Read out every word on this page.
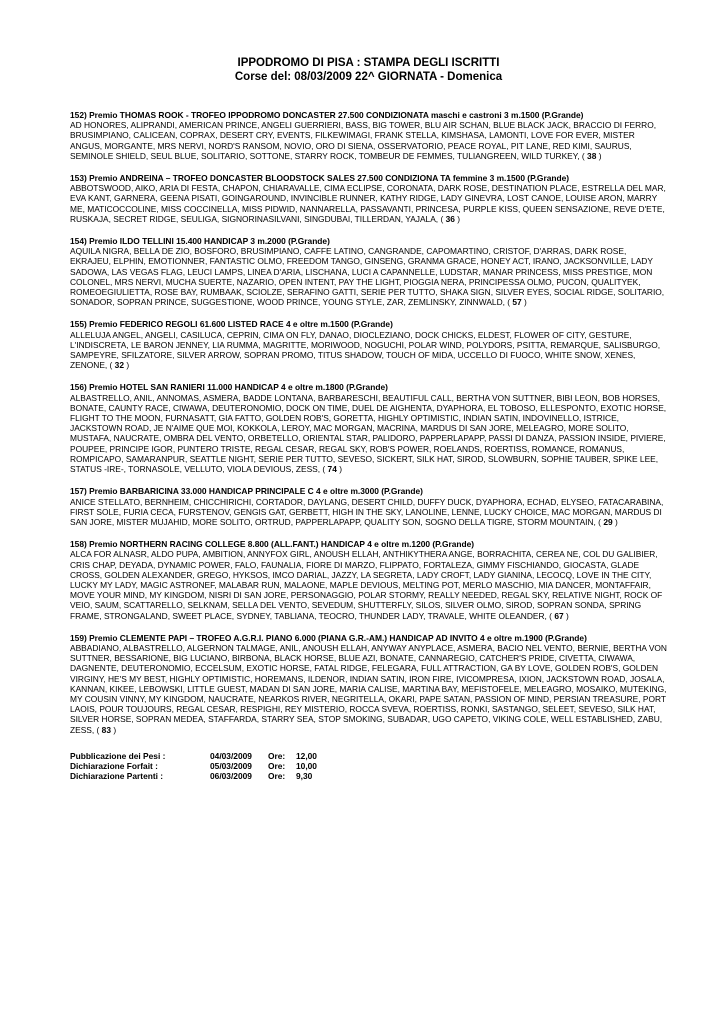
IPPODROMO DI PISA : STAMPA DEGLI ISCRITTI
Corse del: 08/03/2009 22^ GIORNATA - Domenica
152) Premio THOMAS ROOK - TROFEO IPPODROMO DONCASTER 27.500 CONDIZIONATA maschi e castroni 3 m.1500 (P.Grande)
AD HONORES, ALIPRANDI, AMERICAN PRINCE, ANGELI GUERRIERI, BASS, BIG TOWER, BLU AIR SCHAN, BLUE BLACK JACK, BRACCIO DI FERRO, BRUSIMPIANO, CALICEAN, COPRAX, DESERT CRY, EVENTS, FILKEWIMAGI, FRANK STELLA, KIMSHASA, LAMONTI, LOVE FOR EVER, MISTER ANGUS, MORGANTE, MRS NERVI, NORD'S RANSOM, NOVIO, ORO DI SIENA, OSSERVATORIO, PEACE ROYAL, PIT LANE, RED KIMI, SAURUS, SEMINOLE SHIELD, SEUL BLUE, SOLITARIO, SOTTONE, STARRY ROCK, TOMBEUR DE FEMMES, TULIANGREEN, WILD TURKEY, ( 38 )
153) Premio ANDREINA – TROFEO DONCASTER BLOODSTOCK SALES 27.500 CONDIZIONA TA femmine 3 m.1500 (P.Grande)
ABBOTSWOOD, AIKO, ARIA DI FESTA, CHAPON, CHIARAVALLE, CIMA ECLIPSE, CORONATA, DARK ROSE, DESTINATION PLACE, ESTRELLA DEL MAR, EVA KANT, GARNERA, GEENA PISATI, GOINGAROUND, INVINCIBLE RUNNER, KATHY RIDGE, LADY GINEVRA, LOST CANOE, LOUISE ARON, MARRY ME, MATICOCCOLINE, MISS COCCINELLA, MISS PIDWID, NANNARELLA, PASSAVANTI, PRINCESA, PURPLE KISS, QUEEN SENSAZIONE, REVE D'ETE, RUSKAJA, SECRET RIDGE, SEULIGA, SIGNORINASILVANI, SINGDUBAI, TILLERDAN, YAJALA, ( 36 )
154) Premio ILDO TELLINI 15.400 HANDICAP 3 m.2000 (P.Grande)
AQUILA NIGRA, BELLA DE ZIO, BOSFORO, BRUSIMPIANO, CAFFE LATINO, CANGRANDE, CAPOMARTINO, CRISTOF, D'ARRAS, DARK ROSE, EKRAJEU, ELPHIN, EMOTIONNER, FANTASTIC OLMO, FREEDOM TANGO, GINSENG, GRANMA GRACE, HONEY ACT, IRANO, JACKSONVILLE, LADY SADOWA, LAS VEGAS FLAG, LEUCI LAMPS, LINEA D'ARIA, LISCHANA, LUCI A CAPANNELLE, LUDSTAR, MANAR PRINCESS, MISS PRESTIGE, MON COLONEL, MRS NERVI, MUCHA SUERTE, NAZARIO, OPEN INTENT, PAY THE LIGHT, PIOGGIA NERA, PRINCIPESSA OLMO, PUCON, QUALITYEK, ROMEOEGIULIETTA, ROSE BAY, RUMBAAK, SCIOLZE, SERAFINO GATTI, SERIE PER TUTTO, SHAKA SIGN, SILVER EYES, SOCIAL RIDGE, SOLITARIO, SONADOR, SOPRAN PRINCE, SUGGESTIONE, WOOD PRINCE, YOUNG STYLE, ZAR, ZEMLINSKY, ZINNWALD, ( 57 )
155) Premio FEDERICO REGOLI 61.600 LISTED RACE 4 e oltre m.1500 (P.Grande)
ALLELUJA ANGEL, ANGELI, CASILUCA, CEPRIN, CIMA ON FLY, DANAO, DIOCLEZIANO, DOCK CHICKS, ELDEST, FLOWER OF CITY, GESTURE, L'INDISCRETA, LE BARON JENNEY, LIA RUMMA, MAGRITTE, MORIWOOD, NOGUCHI, POLAR WIND, POLYDORS, PSITTA, REMARQUE, SALISBURGO, SAMPEYRE, SFILZATORE, SILVER ARROW, SOPRAN PROMO, TITUS SHADOW, TOUCH OF MIDA, UCCELLO DI FUOCO, WHITE SNOW, XENES, ZENONE, ( 32 )
156) Premio HOTEL SAN RANIERI 11.000 HANDICAP 4 e oltre m.1800 (P.Grande)
ALBASTRELLO, ANIL, ANNOMAS, ASMERA, BADDE LONTANA, BARBARESCHI, BEAUTIFUL CALL, BERTHA VON SUTTNER, BIBI LEON, BOB HORSES, BONATE, CAUNTY RACE, CIWAWA, DEUTERONOMIO, DOCK ON TIME, DUEL DE AIGHENTA, DYAPHORA, EL TOBOSO, ELLESPONTO, EXOTIC HORSE, FLIGHT TO THE MOON, FURNASATT, GIA FATTO, GOLDEN ROB'S, GORETTA, HIGHLY OPTIMISTIC, INDIAN SATIN, INDOVINELLO, ISTRICE, JACKSTOWN ROAD, JE N'AIME QUE MOI, KOKKOLA, LEROY, MAC MORGAN, MACRINA, MARDUS DI SAN JORE, MELEAGRO, MORE SOLITO, MUSTAFA, NAUCRATE, OMBRA DEL VENTO, ORBETELLO, ORIENTAL STAR, PALIDORO, PAPPERLAPAPP, PASSI DI DANZA, PASSION INSIDE, PIVIERE, POUPEE, PRINCIPE IGOR, PUNTERO TRISTE, REGAL CESAR, REGAL SKY, ROB'S POWER, ROELANDS, ROERTISS, ROMANCE, ROMANUS, ROMPICAPO, SAMARANPUR, SEATTLE NIGHT, SERIE PER TUTTO, SEVESO, SICKERT, SILK HAT, SIROD, SLOWBURN, SOPHIE TAUBER, SPIKE LEE, STATUS -IRE-, TORNASOLE, VELLUTO, VIOLA DEVIOUS, ZESS, ( 74 )
157) Premio BARBARICINA 33.000 HANDICAP PRINCIPALE C 4 e oltre m.3000 (P.Grande)
ANICE STELLATO, BERNHEIM, CHICCHIRICHI, CORTADOR, DAYLANG, DESERT CHILD, DUFFY DUCK, DYAPHORA, ECHAD, ELYSEO, FATACARABINA, FIRST SOLE, FURIA CECA, FURSTENOV, GENGIS GAT, GERBETT, HIGH IN THE SKY, LANOLINE, LENNE, LUCKY CHOICE, MAC MORGAN, MARDUS DI SAN JORE, MISTER MUJAHID, MORE SOLITO, ORTRUD, PAPPERLAPAPP, QUALITY SON, SOGNO DELLA TIGRE, STORM MOUNTAIN, ( 29 )
158) Premio NORTHERN RACING COLLEGE 8.800 (ALL.FANT.) HANDICAP 4 e oltre m.1200 (P.Grande)
ALCA FOR ALNASR, ALDO PUPA, AMBITION, ANNYFOX GIRL, ANOUSH ELLAH, ANTHIKYTHERA ANGE, BORRACHITA, CEREA NE, COL DU GALIBIER, CRIS CHAP, DEYADA, DYNAMIC POWER, FALO, FAUNALIA, FIORE DI MARZO, FLIPPATO, FORTALEZA, GIMMY FISCHIANDO, GIOCASTA, GLADE CROSS, GOLDEN ALEXANDER, GREGO, HYKSOS, IMCO DARIAL, JAZZY, LA SEGRETA, LADY CROFT, LADY GIANINA, LECOCQ, LOVE IN THE CITY, LUCKY MY LADY, MAGIC ASTRONEF, MALABAR RUN, MALAONE, MAPLE DEVIOUS, MELTING POT, MERLO MASCHIO, MIA DANCER, MONTAFFAIR, MOVE YOUR MIND, MY KINGDOM, NISRI DI SAN JORE, PERSONAGGIO, POLAR STORMY, REALLY NEEDED, REGAL SKY, RELATIVE NIGHT, ROCK OF VEIO, SAUM, SCATTARELLO, SELKNAM, SELLA DEL VENTO, SEVEDUM, SHUTTERFLY, SILOS, SILVER OLMO, SIROD, SOPRAN SONDA, SPRING FRAME, STRONGALAND, SWEET PLACE, SYDNEY, TABLIANA, TEOCRO, THUNDER LADY, TRAVALE, WHITE OLEANDER, ( 67 )
159) Premio CLEMENTE PAPI – TROFEO A.G.R.I. PIANO 6.000 (PIANA G.R.-AM.) HANDICAP AD INVITO 4 e oltre m.1900 (P.Grande)
ABBADIANO, ALBASTRELLO, ALGERNON TALMAGE, ANIL, ANOUSH ELLAH, ANYWAY ANYPLACE, ASMERA, BACIO NEL VENTO, BERNIE, BERTHA VON SUTTNER, BESSARIONE, BIG LUCIANO, BIRBONA, BLACK HORSE, BLUE AZI, BONATE, CANNAREGIO, CATCHER'S PRIDE, CIVETTA, CIWAWA, DAGNENTE, DEUTERONOMIO, ECCELSUM, EXOTIC HORSE, FATAL RIDGE, FELEGARA, FULL ATTRACTION, GA BY LOVE, GOLDEN ROB'S, GOLDEN VIRGINY, HE'S MY BEST, HIGHLY OPTIMISTIC, HOREMANS, ILDENOR, INDIAN SATIN, IRON FIRE, IVICOMPRESA, IXION, JACKSTOWN ROAD, JOSALA, KANNAN, KIKEE, LEBOWSKI, LITTLE GUEST, MADAN DI SAN JORE, MARIA CALISE, MARTINA BAY, MEFISTOFELE, MELEAGRO, MOSAIKO, MUTEKING, MY COUSIN VINNY, MY KINGDOM, NAUCRATE, NEARKOS RIVER, NEGRITELLA, OKARI, PAPE SATAN, PASSION OF MIND, PERSIAN TREASURE, PORT LAOIS, POUR TOUJOURS, REGAL CESAR, RESPIGHI, REY MISTERIO, ROCCA SVEVA, ROERTISS, RONKI, SASTANGO, SELEET, SEVESO, SILK HAT, SILVER HORSE, SOPRAN MEDEA, STAFFARDA, STARRY SEA, STOP SMOKING, SUBADAR, UGO CAPETO, VIKING COLE, WELL ESTABLISHED, ZABU, ZESS, ( 83 )
Pubblicazione dei Pesi :	04/03/2009	Ore:	12,00
Dichiarazione Forfait :	05/03/2009	Ore:	10,00
Dichiarazione Partenti :	06/03/2009	Ore:	9,30
